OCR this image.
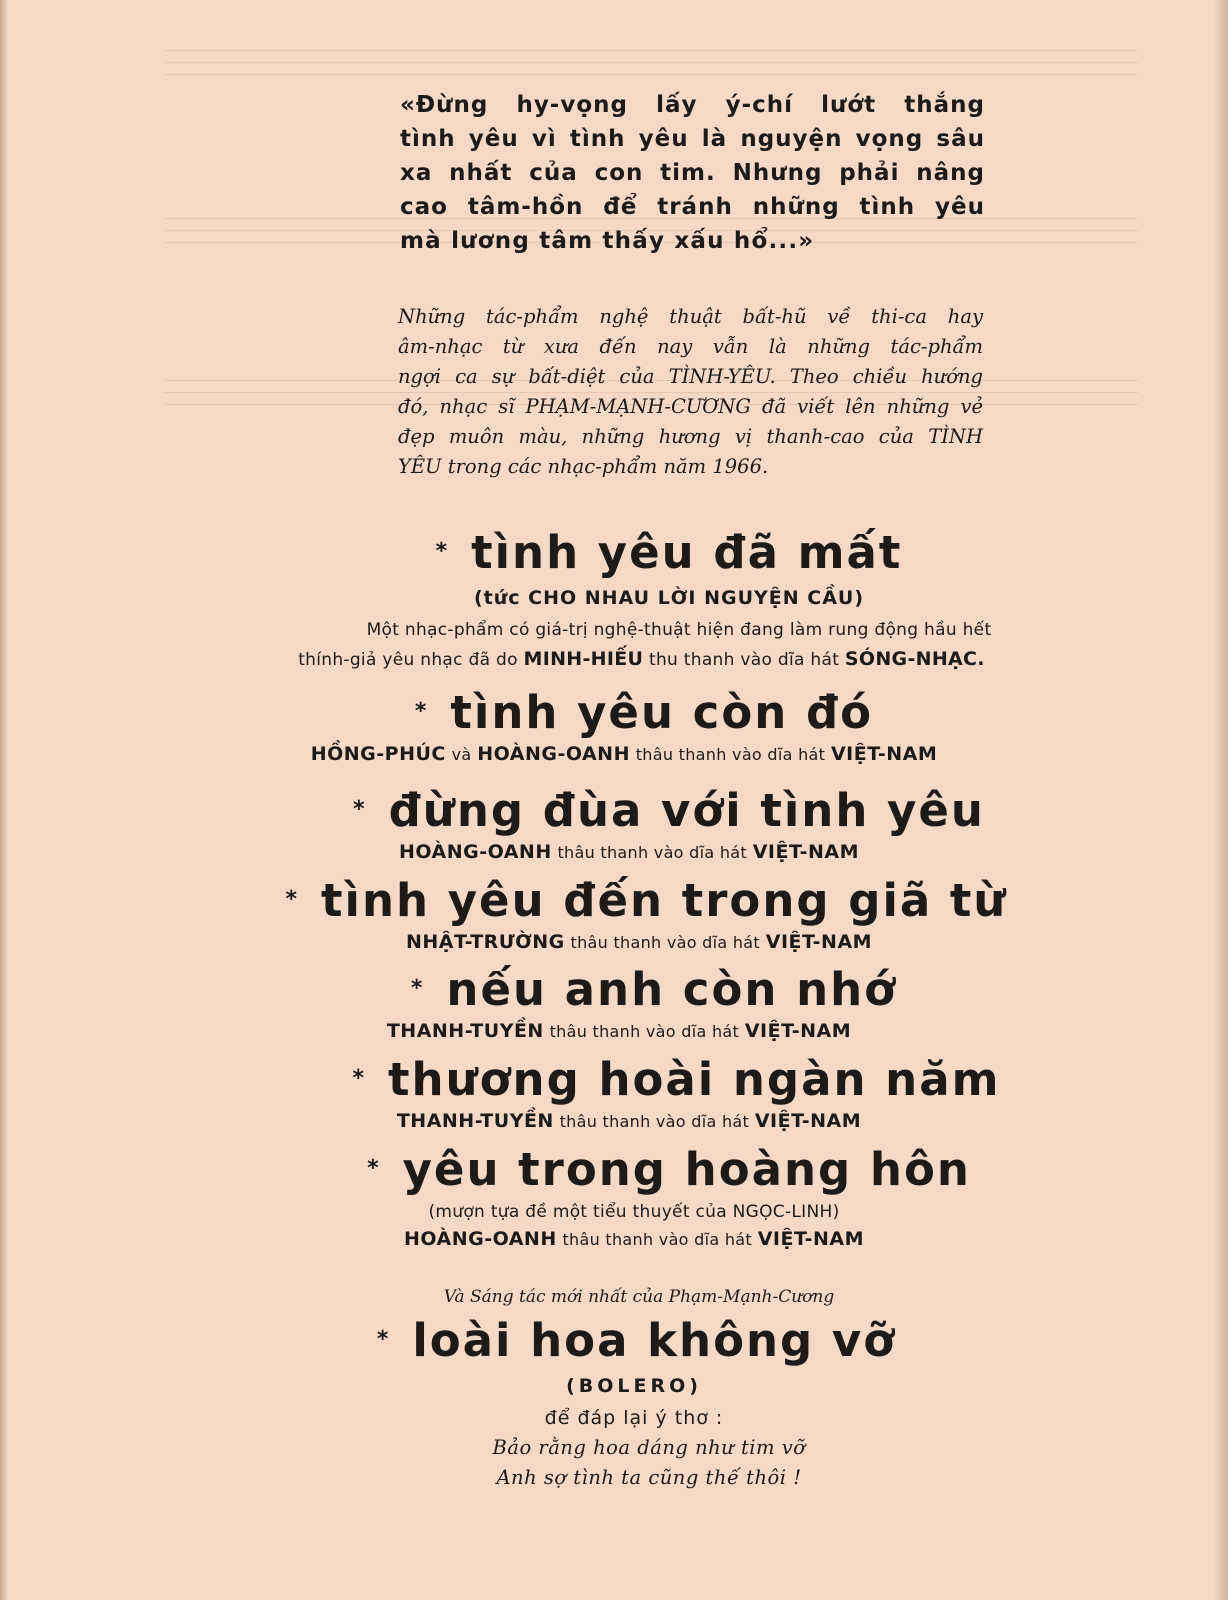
«Đừng hy-vọng lấy ý-chí lướt thắng
tình yêu vì tình yêu là nguyện vọng sâu
xa nhất của con tim. Nhưng phải nâng
cao tâm-hồn để tránh những tình yêu
mà lương tâm thấy xấu hổ...»
Những tác-phẩm nghệ thuật bất-hũ về thi-ca hay
âm-nhạc từ xưa đến nay vẫn là những tác-phẩm
ngợi ca sự bất-diệt của TÌNH-YÊU. Theo chiều hướng
đó, nhạc sĩ PHẠM-MẠNH-CƯƠNG đã viết lên những vẻ
đẹp muôn màu, những hương vị thanh-cao của TÌNH
YÊU trong các nhạc-phẩm năm 1966.
* tình yêu đã mất
(tức CHO NHAU LỜI NGUYỆN CẦU)
Một nhạc-phẩm có giá-trị nghệ-thuật hiện đang làm rung động hầu hết
thính-giả yêu nhạc đã do MINH-HIẾU thu thanh vào dĩa hát SÓNG-NHẠC.
* tình yêu còn đó
HỒNG-PHÚC và HOÀNG-OANH thâu thanh vào dĩa hát VIỆT-NAM
* đừng đùa với tình yêu
HOÀNG-OANH thâu thanh vào dĩa hát VIỆT-NAM
* tình yêu đến trong giã từ
NHẬT-TRƯỜNG thâu thanh vào dĩa hát VIỆT-NAM
* nếu anh còn nhớ
THANH-TUYỀN thâu thanh vào dĩa hát VIỆT-NAM
* thương hoài ngàn năm
THANH-TUYỀN thâu thanh vào dĩa hát VIỆT-NAM
* yêu trong hoàng hôn
(mượn tựa đề một tiểu thuyết của NGỌC-LINH)
HOÀNG-OANH thâu thanh vào dĩa hát VIỆT-NAM
Và Sáng tác mới nhất của Phạm-Mạnh-Cương
* loài hoa không vỡ
(BOLERO)
để đáp lại ý thơ :
Bảo rằng hoa dáng như tim vỡ
Anh sợ tình ta cũng thế thôi !
